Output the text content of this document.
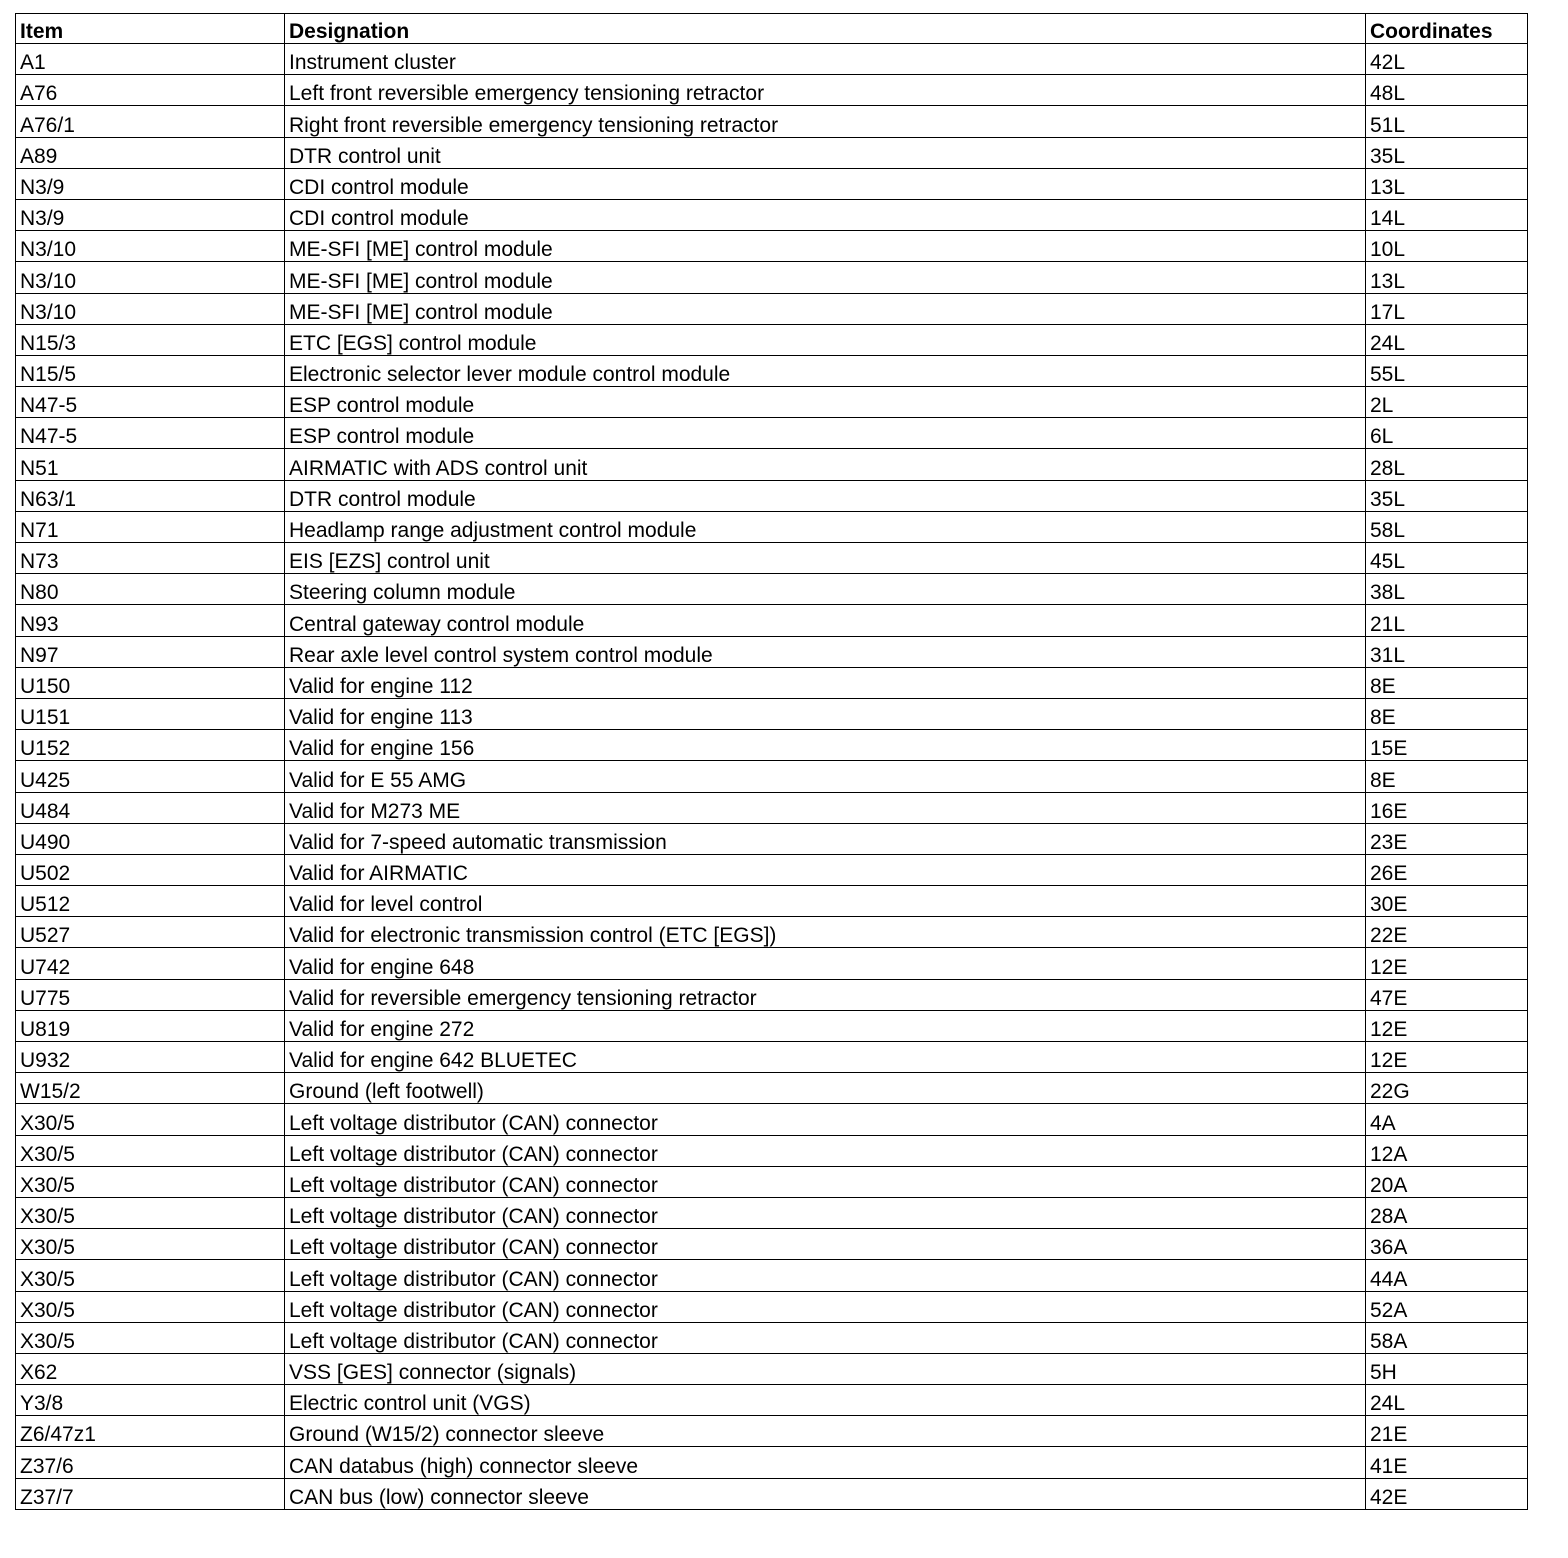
Item	Designation	Coordinates
A1	Instrument cluster	42L
A76	Left front reversible emergency tensioning retractor	48L
A76/1	Right front reversible emergency tensioning retractor	51L
A89	DTR control unit	35L
N3/9	CDI control module	13L
N3/9	CDI control module	14L
N3/10	ME-SFI [ME] control module	10L
N3/10	ME-SFI [ME] control module	13L
N3/10	ME-SFI [ME] control module	17L
N15/3	ETC [EGS] control module	24L
N15/5	Electronic selector lever module control module	55L
N47-5	ESP control module	2L
N47-5	ESP control module	6L
N51	AIRMATIC with ADS control unit	28L
N63/1	DTR control module	35L
N71	Headlamp range adjustment control module	58L
N73	EIS [EZS] control unit	45L
N80	Steering column module	38L
N93	Central gateway control module	21L
N97	Rear axle level control system control module	31L
U150	Valid for engine 112	8E
U151	Valid for engine 113	8E
U152	Valid for engine 156	15E
U425	Valid for E 55 AMG	8E
U484	Valid for M273 ME	16E
U490	Valid for 7-speed automatic transmission	23E
U502	Valid for AIRMATIC	26E
U512	Valid for level control	30E
U527	Valid for electronic transmission control (ETC [EGS])	22E
U742	Valid for engine 648	12E
U775	Valid for reversible emergency tensioning retractor	47E
U819	Valid for engine 272	12E
U932	Valid for engine 642 BLUETEC	12E
W15/2	Ground (left footwell)	22G
X30/5	Left voltage distributor (CAN) connector	4A
X30/5	Left voltage distributor (CAN) connector	12A
X30/5	Left voltage distributor (CAN) connector	20A
X30/5	Left voltage distributor (CAN) connector	28A
X30/5	Left voltage distributor (CAN) connector	36A
X30/5	Left voltage distributor (CAN) connector	44A
X30/5	Left voltage distributor (CAN) connector	52A
X30/5	Left voltage distributor (CAN) connector	58A
X62	VSS [GES] connector (signals)	5H
Y3/8	Electric control unit (VGS)	24L
Z6/47z1	Ground (W15/2) connector sleeve	21E
Z37/6	CAN databus (high) connector sleeve	41E
Z37/7	CAN bus (low) connector sleeve	42E
